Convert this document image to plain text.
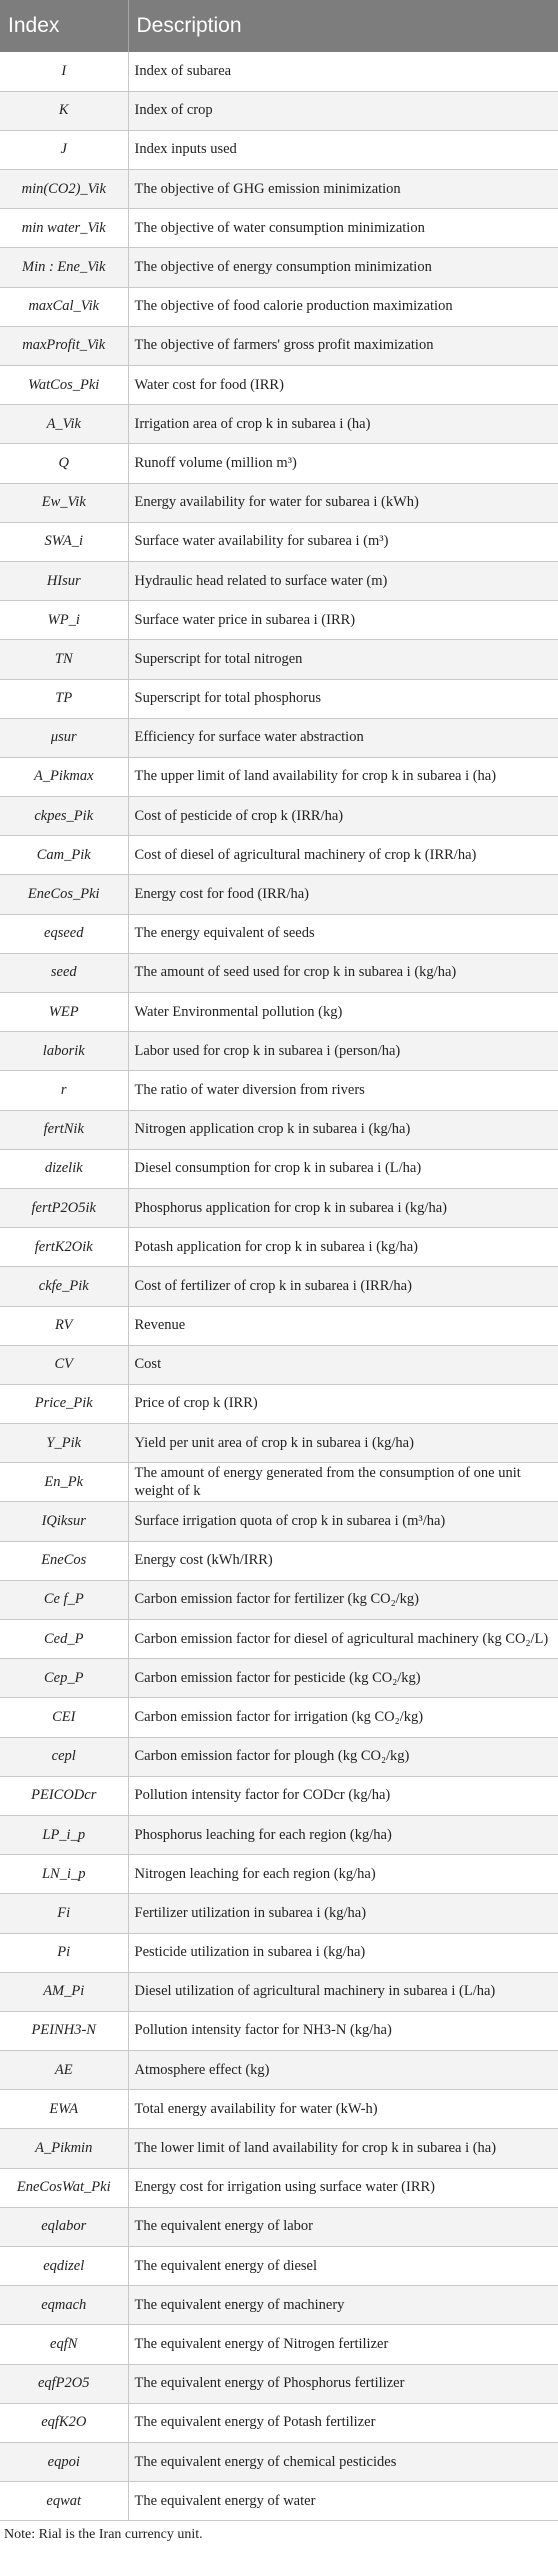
Index	Description
I	Index of subarea
K	Index of crop
J	Index inputs used
min(CO2)_Vik	The objective of GHG emission minimization
min water_Vik	The objective of water consumption minimization
Min : Ene_Vik	The objective of energy consumption minimization
maxCal_Vik	The objective of food calorie production maximization
maxProfit_Vik	The objective of farmers' gross profit maximization
WatCos_Pki	Water cost for food (IRR)
A_Vik	Irrigation area of crop k in subarea i (ha)
Q	Runoff volume (million m³)
Ew_Vik	Energy availability for water for subarea i (kWh)
SWA_i	Surface water availability for subarea i (m³)
HIsur	Hydraulic head related to surface water (m)
WP_i	Surface water price in subarea i (IRR)
TN	Superscript for total nitrogen
TP	Superscript for total phosphorus
μsur	Efficiency for surface water abstraction
A_Pikmax	The upper limit of land availability for crop k in subarea i (ha)
ckpes_Pik	Cost of pesticide of crop k (IRR/ha)
Cam_Pik	Cost of diesel of agricultural machinery of crop k (IRR/ha)
EneCos_Pki	Energy cost for food (IRR/ha)
eqseed	The energy equivalent of seeds
seed	The amount of seed used for crop k in subarea i (kg/ha)
WEP	Water Environmental pollution (kg)
laborik	Labor used for crop k in subarea i (person/ha)
r	The ratio of water diversion from rivers
fertNik	Nitrogen application crop k in subarea i (kg/ha)
dizelik	Diesel consumption for crop k in subarea i (L/ha)
fertP2O5ik	Phosphorus application for crop k in subarea i (kg/ha)
fertK2Oik	Potash application for crop k in subarea i (kg/ha)
ckfe_Pik	Cost of fertilizer of crop k in subarea i (IRR/ha)
RV	Revenue
CV	Cost
Price_Pik	Price of crop k (IRR)
Y_Pik	Yield per unit area of crop k in subarea i (kg/ha)
En_Pk	The amount of energy generated from the consumption of one unit weight of k
IQiksur	Surface irrigation quota of crop k in subarea i (m³/ha)
EneCos	Energy cost (kWh/IRR)
Ce f_P	Carbon emission factor for fertilizer (kg CO₂/kg)
Ced_P	Carbon emission factor for diesel of agricultural machinery (kg CO₂/L)
Cep_P	Carbon emission factor for pesticide (kg CO₂/kg)
CEI	Carbon emission factor for irrigation (kg CO₂/kg)
cepl	Carbon emission factor for plough (kg CO₂/kg)
PEICODcr	Pollution intensity factor for CODcr (kg/ha)
LP_i_p	Phosphorus leaching for each region (kg/ha)
LN_i_p	Nitrogen leaching for each region (kg/ha)
Fi	Fertilizer utilization in subarea i (kg/ha)
Pi	Pesticide utilization in subarea i (kg/ha)
AM_Pi	Diesel utilization of agricultural machinery in subarea i (L/ha)
PEINH3-N	Pollution intensity factor for NH3-N (kg/ha)
AE	Atmosphere effect (kg)
EWA	Total energy availability for water (kW-h)
A_Pikmin	The lower limit of land availability for crop k in subarea i (ha)
EneCosWat_Pki	Energy cost for irrigation using surface water (IRR)
eqlabor	The equivalent energy of labor
eqdizel	The equivalent energy of diesel
eqmach	The equivalent energy of machinery
eqfN	The equivalent energy of Nitrogen fertilizer
eqfP2O5	The equivalent energy of Phosphorus fertilizer
eqfK2O	The equivalent energy of Potash fertilizer
eqpoi	The equivalent energy of chemical pesticides
eqwat	The equivalent energy of water
Note: Rial is the Iran currency unit.
